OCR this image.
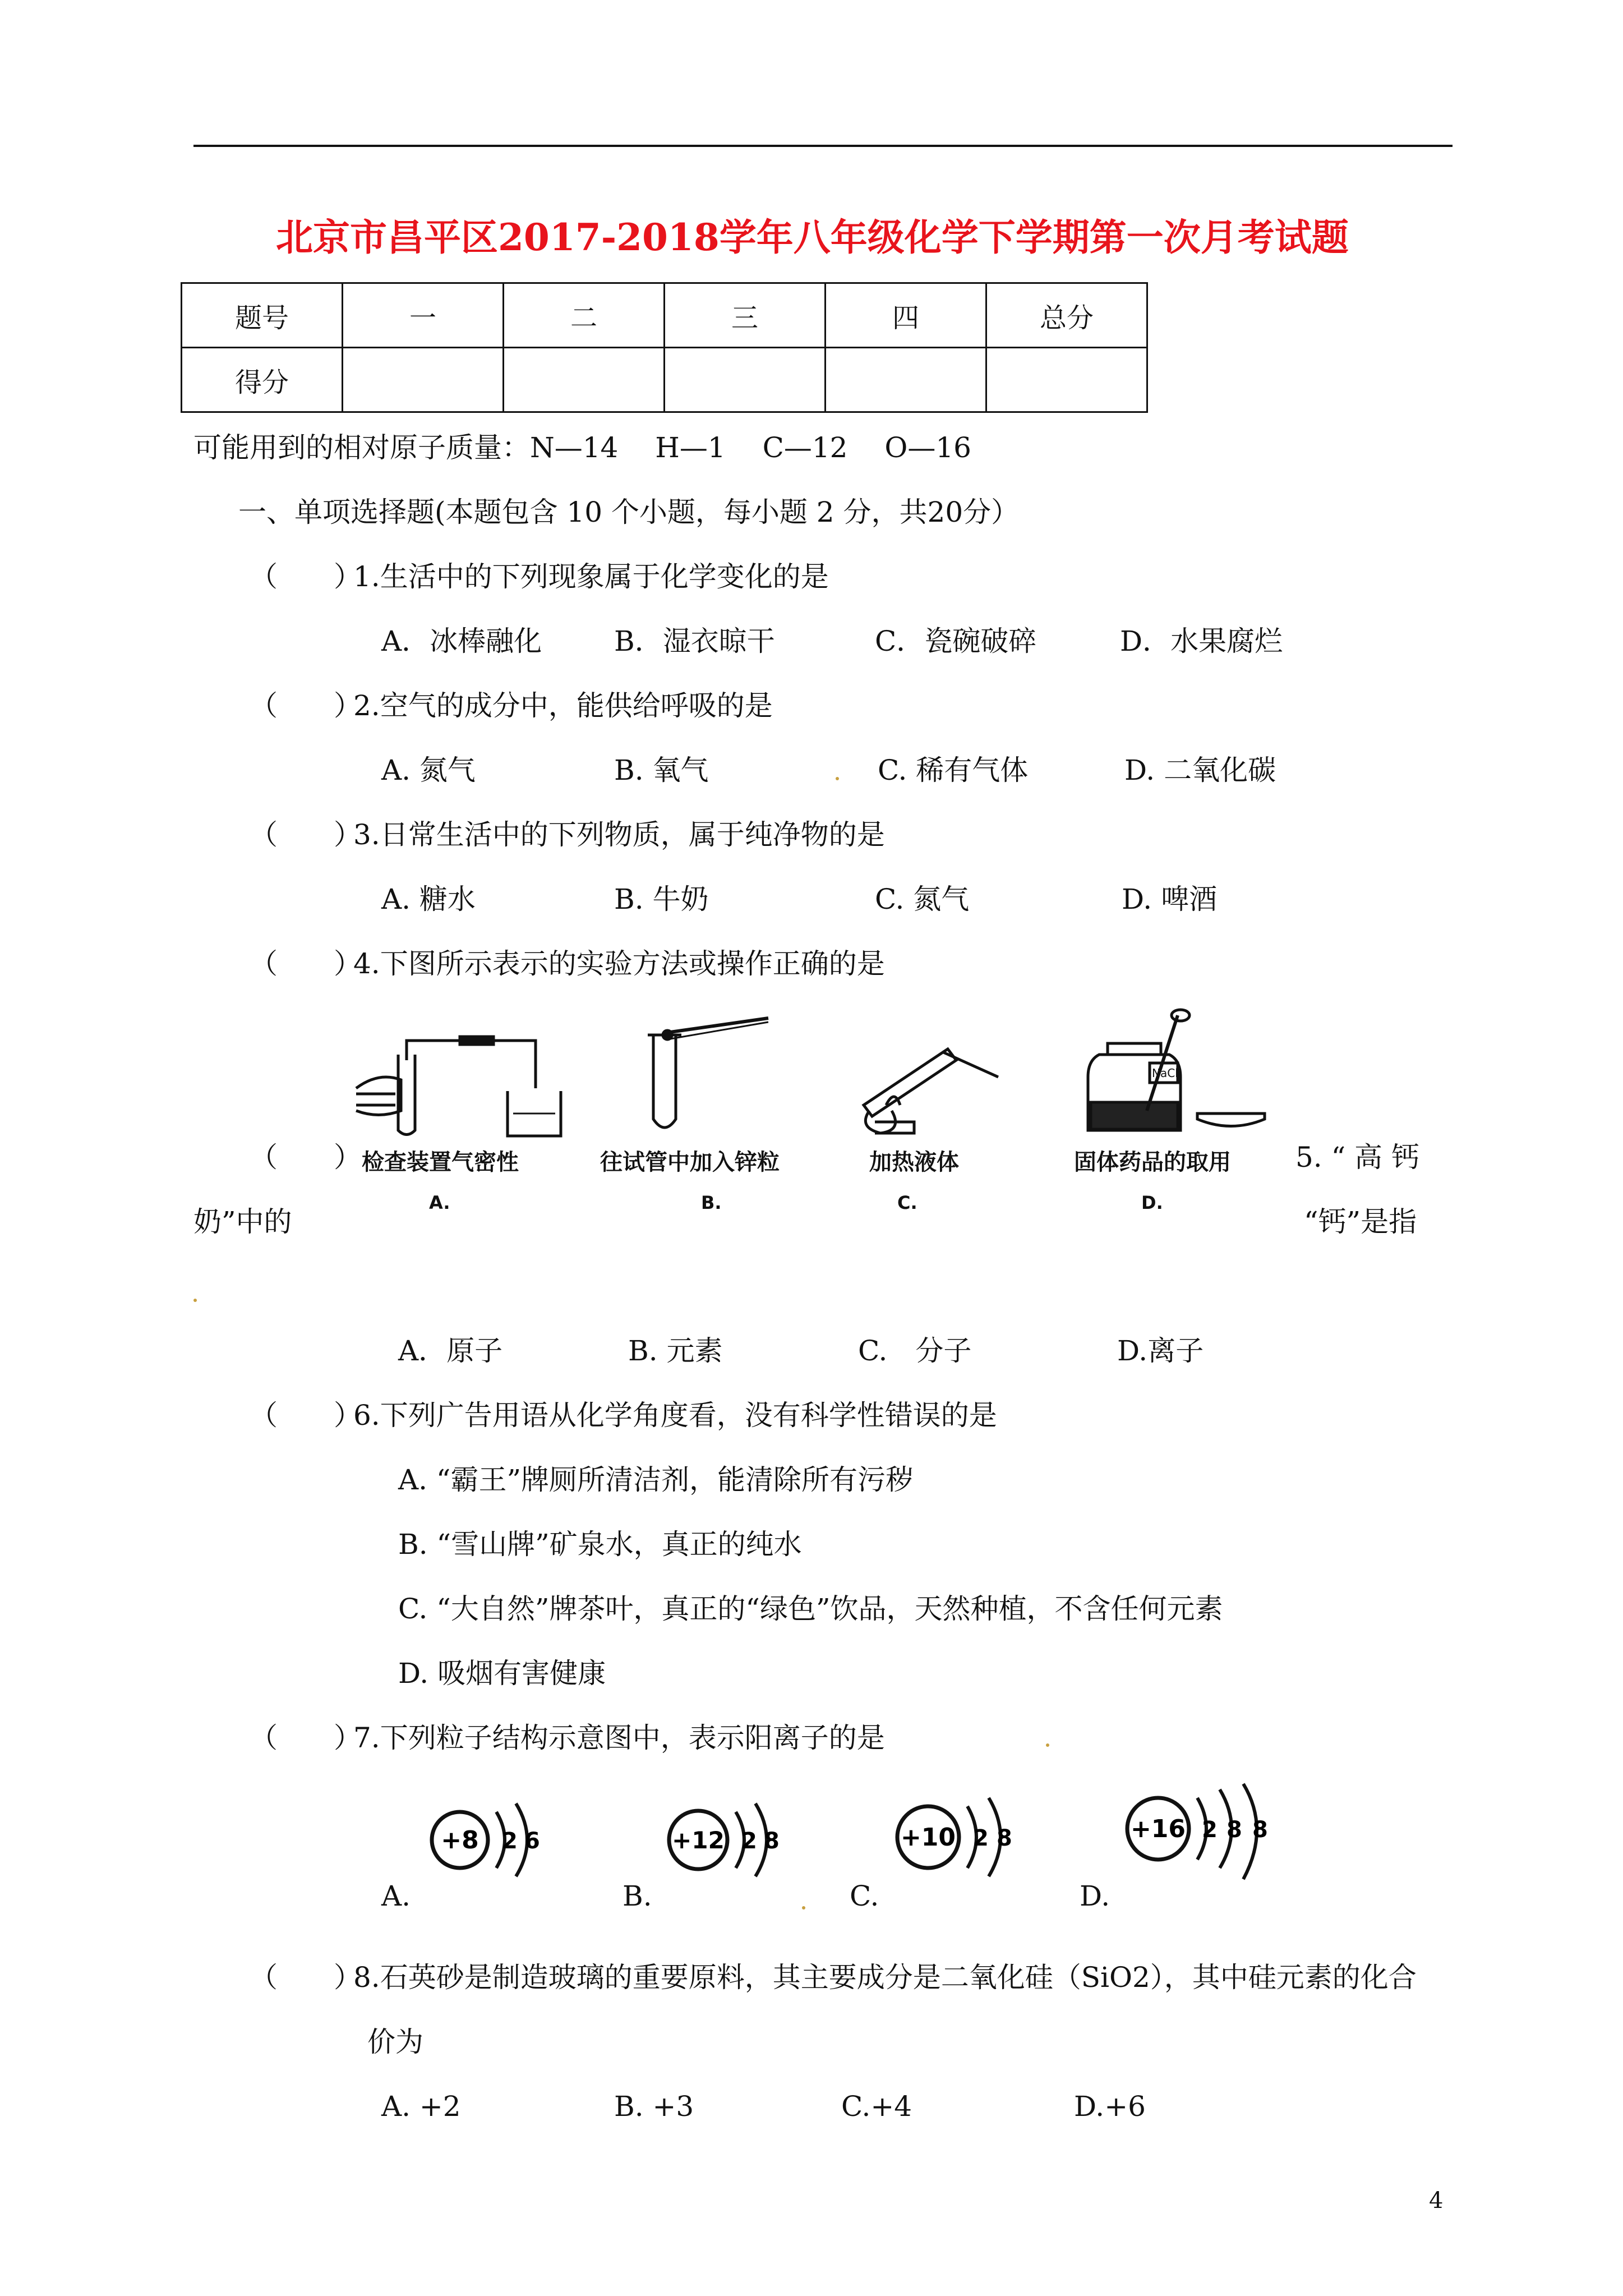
北京市昌平区2017-2018学年八年级化学下学期第一次月考试题
题号	一	二	三	四	总分
得分					
可能用到的相对原子质量：N—14　 H—1　 C—12　 O—16
一、单项选择题(本题包含 10 个小题，每小题 2 分，共20分）
（　　）
1.生活中的下列现象属于化学变化的是
A．冰棒融化	B．湿衣晾干	C．瓷碗破碎	D．水果腐烂
（　　）
2.空气的成分中，能供给呼吸的是
A. 氮气	B. 氧气	C. 稀有气体	D. 二氧化碳
（　　）
3.日常生活中的下列物质，属于纯净物的是
A. 糖水	B. 牛奶	C. 氮气	D. 啤酒
（　　）
4.下图所示表示的实验方法或操作正确的是
检查装置气密性
A.
往试管中加入锌粒
B.
加热液体
C.
NaCl
固体药品的取用
D.
（　　）	5. “ 高 钙
奶”中的	“钙”是指
A．原子	B. 元素	C.　分子	D.离子
（　　）
6.下列广告用语从化学角度看，没有科学性错误的是
A. “霸王”牌厕所清洁剂，能清除所有污秽
B. “雪山牌”矿泉水，真正的纯水
C. “大自然”牌茶叶，真正的“绿色”饮品，天然种植，不含任何元素
D. 吸烟有害健康
（　　）
7.下列粒子结构示意图中，表示阳离子的是
A.	B.	C.	D.
+8 2 6	+12 2 8	+10 2 8	+16 2 8 8
（　　）
8.石英砂是制造玻璃的重要原料，其主要成分是二氧化硅（SiO2），其中硅元素的化合
价为
A. +2	B. +3	C.+4	D.+6
4
